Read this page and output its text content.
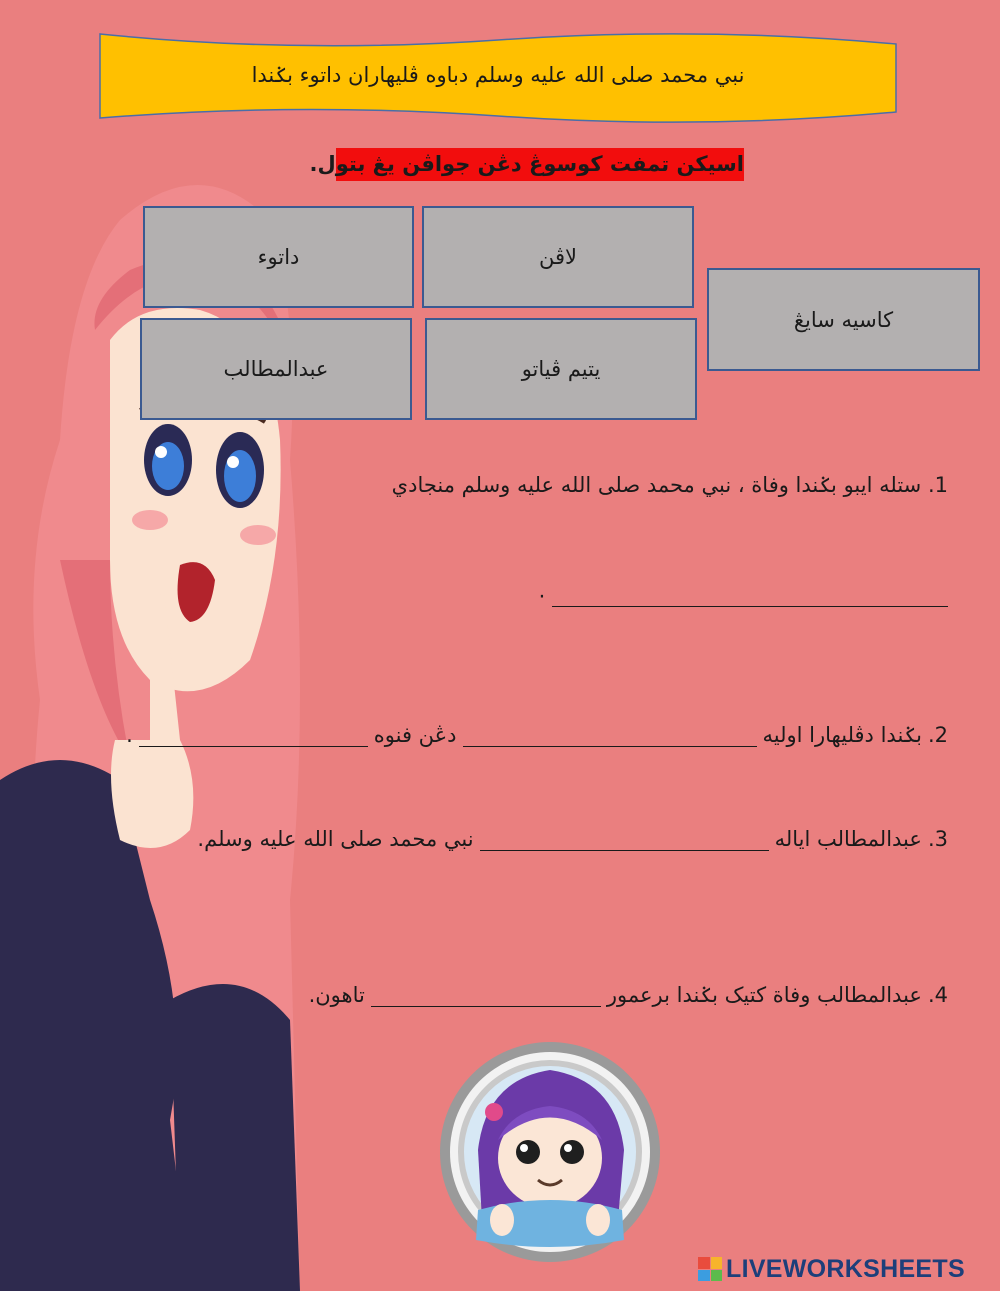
نبي محمد صلى الله عليه وسلم دباوه ڤليهاران داتوء بݢندا
اسيکن تمفت کوسوڠ دڠن جواڤن يڠ بتول.
داتوء	لاڤن
کاسيه سايڠ
عبدالمطالب	يتيم ڤياتو
1. ستله ايبو بݢندا وفاة ، نبي محمد صلى الله عليه وسلم منجادي
.
2.
بݢندا دڤليهارا اوليه
دڠن فنوه
.
3.
عبدالمطالب اياله
نبي محمد صلى الله عليه وسلم.
4.
عبدالمطالب وفاة کتيک بݢندا برعمور
تاهون.
LIVEWORKSHEETS
